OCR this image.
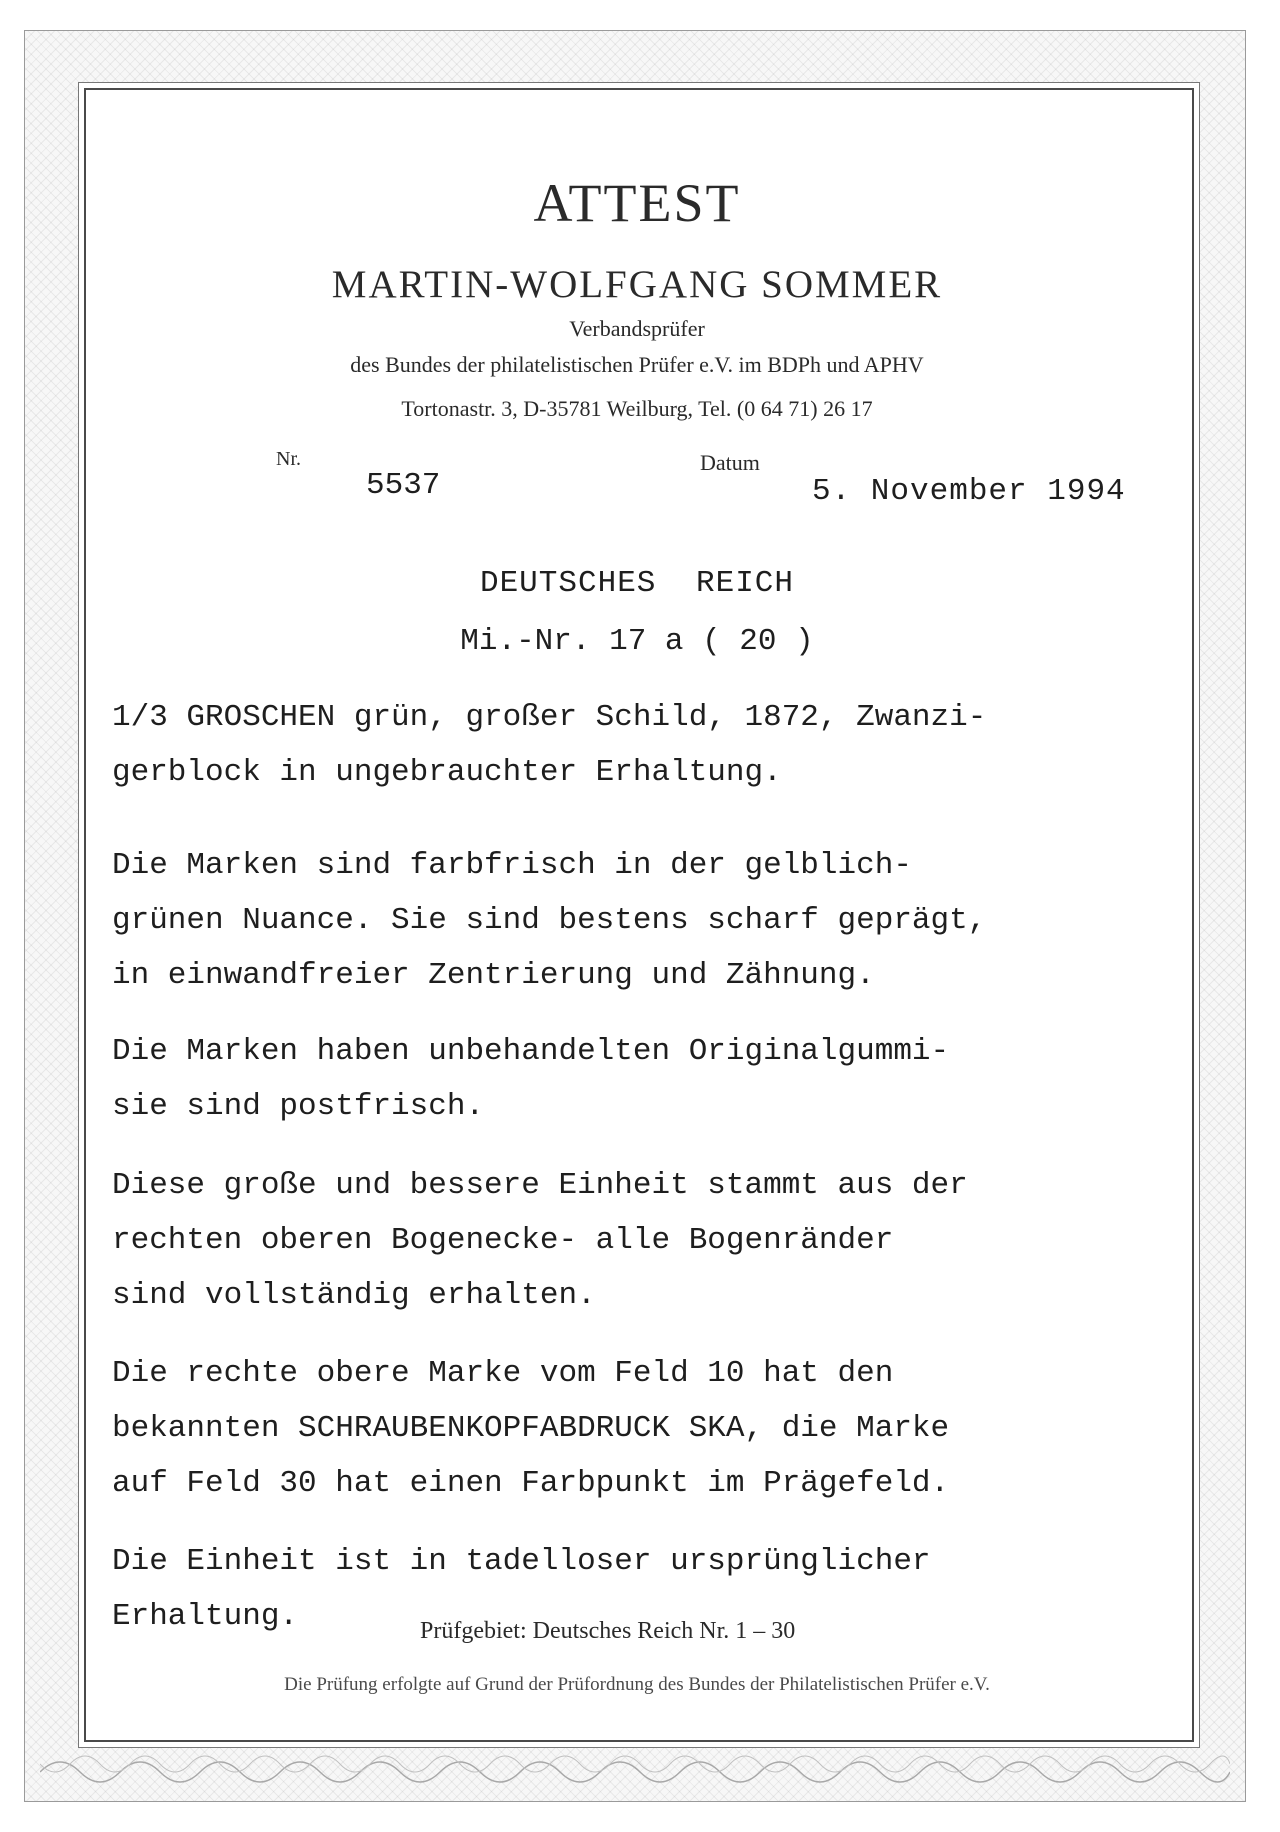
ATTEST
MARTIN-WOLFGANG SOMMER
Verbandsprüfer
des Bundes der philatelistischen Prüfer e.V. im BDPh und APHV
Tortonastr. 3, D-35781 Weilburg, Tel. (0 64 71) 26 17
Nr.
5537
Datum
5. November 1994
DEUTSCHES REICH
Mi.-Nr. 17 a ( 20 )
1/3 GROSCHEN grün, großer Schild, 1872, Zwanzi-
gerblock in ungebrauchter Erhaltung.
Die Marken sind farbfrisch in der gelblich-
grünen Nuance. Sie sind bestens scharf geprägt,
in einwandfreier Zentrierung und Zähnung.
Die Marken haben unbehandelten Originalgummi-
sie sind postfrisch.
Diese große und bessere Einheit stammt aus der
rechten oberen Bogenecke- alle Bogenränder
sind vollständig erhalten.
Die rechte obere Marke vom Feld 10 hat den
bekannten SCHRAUBENKOPFABDRUCK SKA, die Marke
auf Feld 30 hat einen Farbpunkt im Prägefeld.
Die Einheit ist in tadelloser ursprünglicher
Erhaltung.	Prüfgebiet: Deutsches Reich Nr. 1 – 30
Die Prüfung erfolgte auf Grund der Prüfordnung des Bundes der Philatelistischen Prüfer e.V.
